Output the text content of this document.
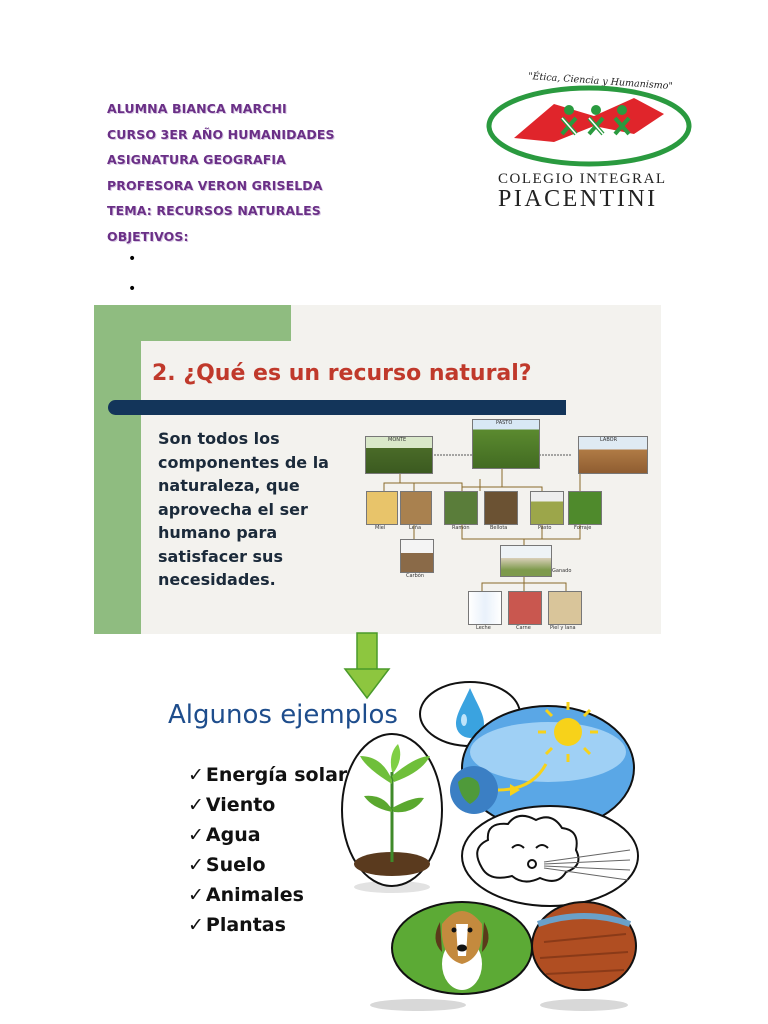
ALUMNA BIANCA MARCHI
CURSO 3ER AÑO HUMANIDADES
ASIGNATURA GEOGRAFIA
PROFESORA VERON GRISELDA
TEMA: RECURSOS NATURALES
OBJETIVOS:
•
•
"Ética, Ciencia y Humanismo"
COLEGIO INTEGRAL
PIACENTINI
2. ¿Qué es un recurso natural?
Son todos los componentes de la naturaleza, que aprovecha el ser humano para satisfacer sus necesidades.
MONTE
PASTO
LABOR
Miel	Leña	Ramón	Bellota	Pasto	Forraje
Carbón
Ganado
Leche	Carne	Piel y lana
Algunos ejemplos
✓ Energía solar
✓ Viento
✓ Agua
✓ Suelo
✓ Animales
✓ Plantas
